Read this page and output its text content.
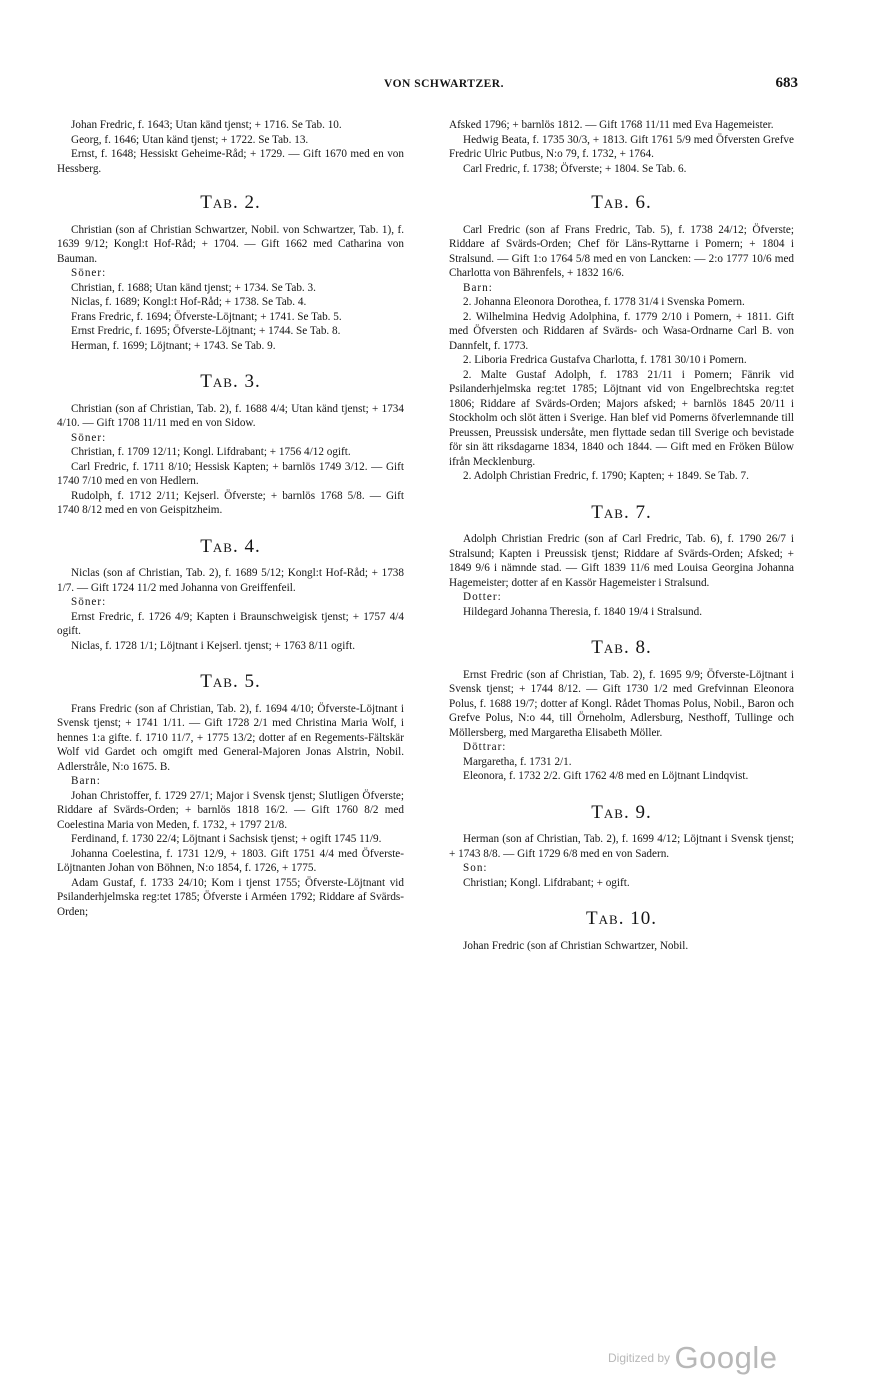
VON SCHWARTZER.	683

Johan Fredric, f. 1643; Utan känd tjenst; + 1716. Se Tab. 10.

Georg, f. 1646; Utan känd tjenst; + 1722. Se Tab. 13.

Ernst, f. 1648; Hessiskt Geheime-Råd; + 1729. — Gift 1670 med en von Hessberg.

Tab. 2.

Christian (son af Christian Schwartzer, Nobil. von Schwartzer, Tab. 1), f. 1639 9/12; Kongl:t Hof-Råd; + 1704. — Gift 1662 med Catharina von Bauman.

Söner:

Christian, f. 1688; Utan känd tjenst; + 1734. Se Tab. 3.

Niclas, f. 1689; Kongl:t Hof-Råd; + 1738. Se Tab. 4.

Frans Fredric, f. 1694; Öfverste-Löjtnant; + 1741. Se Tab. 5.

Ernst Fredric, f. 1695; Öfverste-Löjtnant; + 1744. Se Tab. 8.

Herman, f. 1699; Löjtnant; + 1743. Se Tab. 9.

Tab. 3.

Christian (son af Christian, Tab. 2), f. 1688 4/4; Utan känd tjenst; + 1734 4/10. — Gift 1708 11/11 med en von Sidow.

Söner:

Christian, f. 1709 12/11; Kongl. Lifdrabant; + 1756 4/12 ogift.

Carl Fredric, f. 1711 8/10; Hessisk Kapten; + barnlös 1749 3/12. — Gift 1740 7/10 med en von Hedlern.

Rudolph, f. 1712 2/11; Kejserl. Öfverste; + barnlös 1768 5/8. — Gift 1740 8/12 med en von Geispitzheim.

Tab. 4.

Niclas (son af Christian, Tab. 2), f. 1689 5/12; Kongl:t Hof-Råd; + 1738 1/7. — Gift 1724 11/2 med Johanna von Greiffenfeil.

Söner:

Ernst Fredric, f. 1726 4/9; Kapten i Braunschweigisk tjenst; + 1757 4/4 ogift.

Niclas, f. 1728 1/1; Löjtnant i Kejserl. tjenst; + 1763 8/11 ogift.

Tab. 5.

Frans Fredric (son af Christian, Tab. 2), f. 1694 4/10; Öfverste-Löjtnant i Svensk tjenst; + 1741 1/11. — Gift 1728 2/1 med Christina Maria Wolf, i hennes 1:a gifte. f. 1710 11/7, + 1775 13/2; dotter af en Regements-Fältskär Wolf vid Gardet och omgift med General-Majoren Jonas Alstrin, Nobil. Adlerstråle, N:o 1675. B.

Barn:

Johan Christoffer, f. 1729 27/1; Major i Svensk tjenst; Slutligen Öfverste; Riddare af Svärds-Orden; + barnlös 1818 16/2. — Gift 1760 8/2 med Coelestina Maria von Meden, f. 1732, + 1797 21/8.

Ferdinand, f. 1730 22/4; Löjtnant i Sachsisk tjenst; + ogift 1745 11/9.

Johanna Coelestina, f. 1731 12/9, + 1803. Gift 1751 4/4 med Öfverste-Löjtnanten Johan von Böhnen, N:o 1854, f. 1726, + 1775.

Adam Gustaf, f. 1733 24/10; Kom i tjenst 1755; Öfverste-Löjtnant vid Psilanderhjelmska reg:tet 1785; Öfverste i Arméen 1792; Riddare af Svärds-Orden;

Afsked 1796; + barnlös 1812. — Gift 1768 11/11 med Eva Hagemeister.

Hedwig Beata, f. 1735 30/3, + 1813. Gift 1761 5/9 med Öfversten Grefve Fredric Ulric Putbus, N:o 79, f. 1732, + 1764.

Carl Fredric, f. 1738; Öfverste; + 1804. Se Tab. 6.

Tab. 6.

Carl Fredric (son af Frans Fredric, Tab. 5), f. 1738 24/12; Öfverste; Riddare af Svärds-Orden; Chef för Läns-Ryttarne i Pomern; + 1804 i Stralsund. — Gift 1:o 1764 5/8 med en von Lancken: — 2:o 1777 10/6 med Charlotta von Bährenfels, + 1832 16/6.

Barn:

2. Johanna Eleonora Dorothea, f. 1778 31/4 i Svenska Pomern.

2. Wilhelmina Hedvig Adolphina, f. 1779 2/10 i Pomern, + 1811. Gift med Öfversten och Riddaren af Svärds- och Wasa-Ordnarne Carl B. von Dannfelt, f. 1773.

2. Liboria Fredrica Gustafva Charlotta, f. 1781 30/10 i Pomern.

2. Malte Gustaf Adolph, f. 1783 21/11 i Pomern; Fänrik vid Psilanderhjelmska reg:tet 1785; Löjtnant vid von Engelbrechtska reg:tet 1806; Riddare af Svärds-Orden; Majors afsked; + barnlös 1845 20/11 i Stockholm och slöt ätten i Sverige. Han blef vid Pomerns öfverlemnande till Preussen, Preussisk undersåte, men flyttade sedan till Sverige och bevistade för sin ätt riksdagarne 1834, 1840 och 1844. — Gift med en Fröken Bülow ifrån Mecklenburg.

2. Adolph Christian Fredric, f. 1790; Kapten; + 1849. Se Tab. 7.

Tab. 7.

Adolph Christian Fredric (son af Carl Fredric, Tab. 6), f. 1790 26/7 i Stralsund; Kapten i Preussisk tjenst; Riddare af Svärds-Orden; Afsked; + 1849 9/6 i nämnde stad. — Gift 1839 11/6 med Louisa Georgina Johanna Hagemeister; dotter af en Kassör Hagemeister i Stralsund.

Dotter:

Hildegard Johanna Theresia, f. 1840 19/4 i Stralsund.

Tab. 8.

Ernst Fredric (son af Christian, Tab. 2), f. 1695 9/9; Öfverste-Löjtnant i Svensk tjenst; + 1744 8/12. — Gift 1730 1/2 med Grefvinnan Eleonora Polus, f. 1688 19/7; dotter af Kongl. Rådet Thomas Polus, Nobil., Baron och Grefve Polus, N:o 44, till Örneholm, Adlersburg, Nesthoff, Tullinge och Möllersberg, med Margaretha Elisabeth Möller.

Döttrar:

Margaretha, f. 1731 2/1.

Eleonora, f. 1732 2/2. Gift 1762 4/8 med en Löjtnant Lindqvist.

Tab. 9.

Herman (son af Christian, Tab. 2), f. 1699 4/12; Löjtnant i Svensk tjenst; + 1743 8/8. — Gift 1729 6/8 med en von Sadern.

Son:

Christian; Kongl. Lifdrabant; + ogift.

Tab. 10.

Johan Fredric (son af Christian Schwartzer, Nobil.

Digitized by Google
